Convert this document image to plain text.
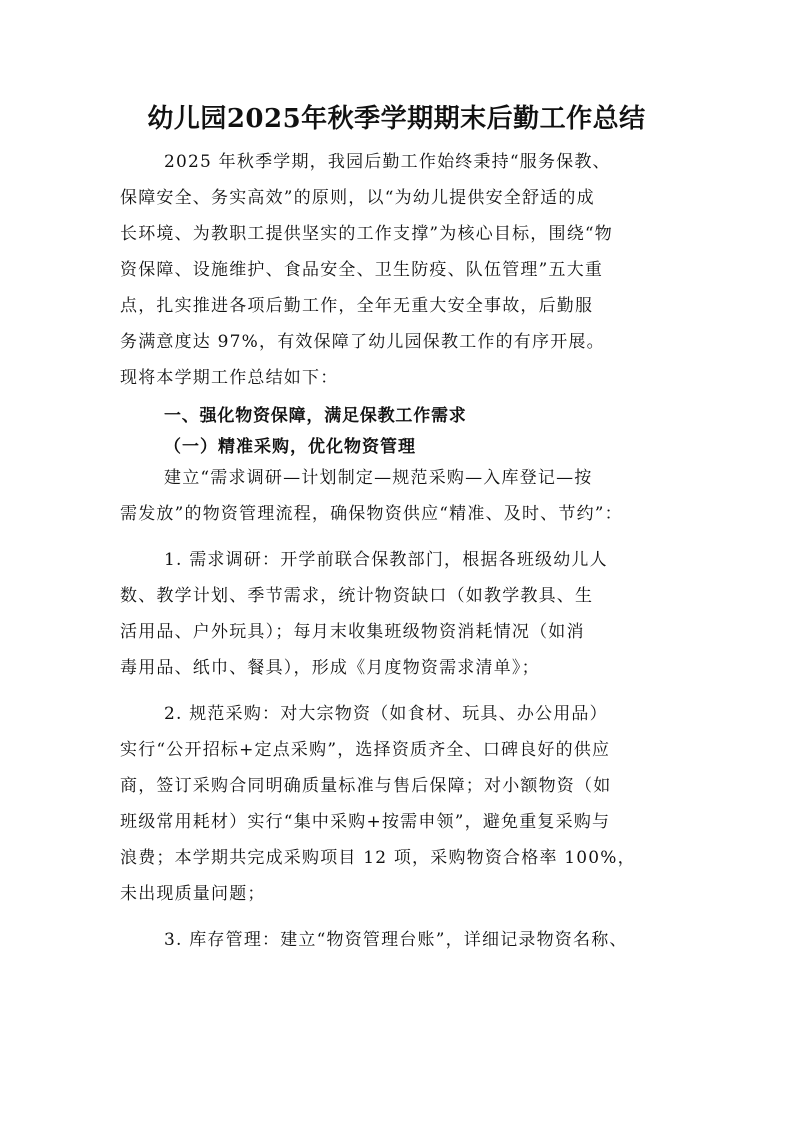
幼儿园2025年秋季学期期末后勤工作总结
2025 年秋季学期，我园后勤工作始终秉持“服务保教、
保障安全、务实高效”的原则，以“为幼儿提供安全舒适的成
长环境、为教职工提供坚实的工作支撑”为核心目标，围绕“物
资保障、设施维护、食品安全、卫生防疫、队伍管理”五大重
点，扎实推进各项后勤工作，全年无重大安全事故，后勤服
务满意度达 97%，有效保障了幼儿园保教工作的有序开展。
现将本学期工作总结如下：
一、强化物资保障，满足保教工作需求
（一）精准采购，优化物资管理
建立“需求调研—计划制定—规范采购—入库登记—按
需发放”的物资管理流程，确保物资供应“精准、及时、节约”：
1. 需求调研：开学前联合保教部门，根据各班级幼儿人
数、教学计划、季节需求，统计物资缺口（如教学教具、生
活用品、户外玩具）；每月末收集班级物资消耗情况（如消
毒用品、纸巾、餐具），形成《月度物资需求清单》；
2. 规范采购：对大宗物资（如食材、玩具、办公用品）
实行“公开招标+定点采购”，选择资质齐全、口碑良好的供应
商，签订采购合同明确质量标准与售后保障；对小额物资（如
班级常用耗材）实行“集中采购+按需申领”，避免重复采购与
浪费；本学期共完成采购项目 12 项，采购物资合格率 100%，
未出现质量问题；
3. 库存管理：建立“物资管理台账”，详细记录物资名称、
